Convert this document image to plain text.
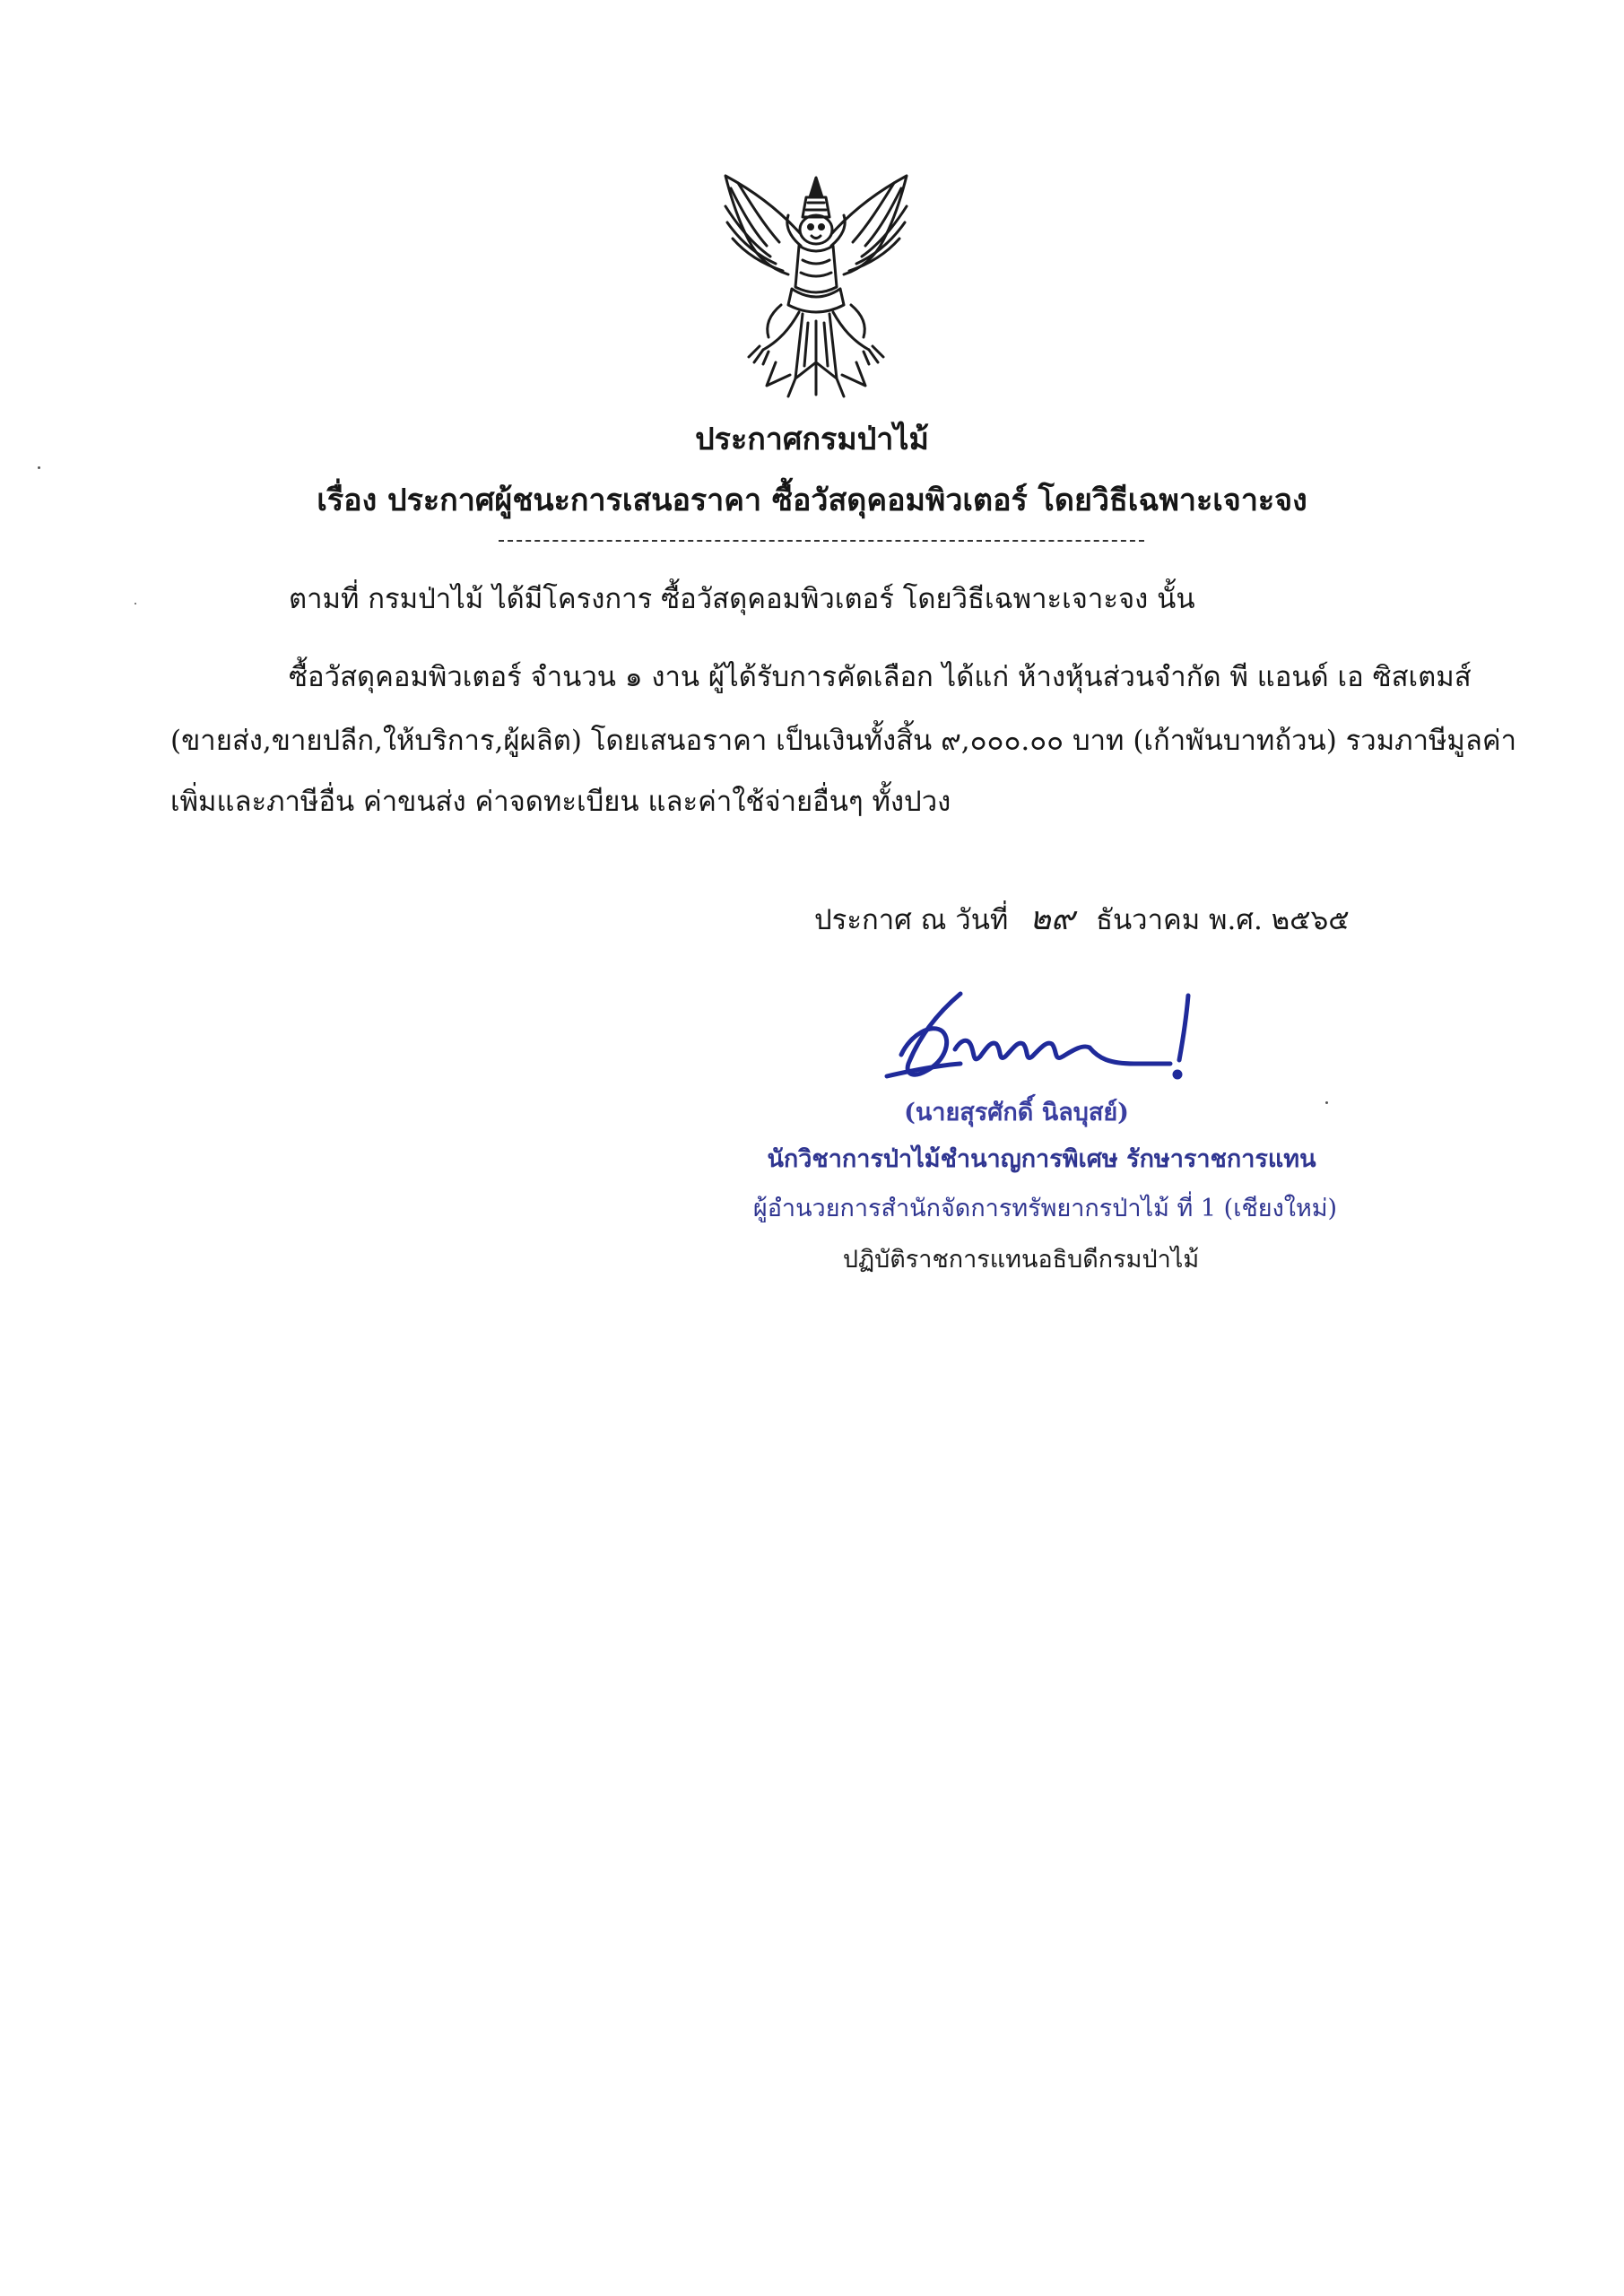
ประกาศกรมป่าไม้
เรื่อง ประกาศผู้ชนะการเสนอราคา ซื้อวัสดุคอมพิวเตอร์ โดยวิธีเฉพาะเจาะจง
ตามที่ กรมป่าไม้ ได้มีโครงการ ซื้อวัสดุคอมพิวเตอร์ โดยวิธีเฉพาะเจาะจง นั้น
ซื้อวัสดุคอมพิวเตอร์ จำนวน ๑ งาน ผู้ได้รับการคัดเลือก ได้แก่ ห้างหุ้นส่วนจำกัด พี แอนด์ เอ ซิสเตมส์
(ขายส่ง,ขายปลีก,ให้บริการ,ผู้ผลิต) โดยเสนอราคา เป็นเงินทั้งสิ้น ๙,๐๐๐.๐๐ บาท (เก้าพันบาทถ้วน) รวมภาษีมูลค่า
เพิ่มและภาษีอื่น ค่าขนส่ง ค่าจดทะเบียน และค่าใช้จ่ายอื่นๆ ทั้งปวง
ประกาศ ณ วันที่ ๒๙ ธันวาคม พ.ศ. ๒๕๖๕
(นายสุรศักดิ์ นิลบุสย์)
นักวิชาการป่าไม้ชำนาญการพิเศษ รักษาราชการแทน
ผู้อำนวยการสำนักจัดการทรัพยากรป่าไม้ ที่ 1 (เชียงใหม่)
ปฏิบัติราชการแทนอธิบดีกรมป่าไม้
